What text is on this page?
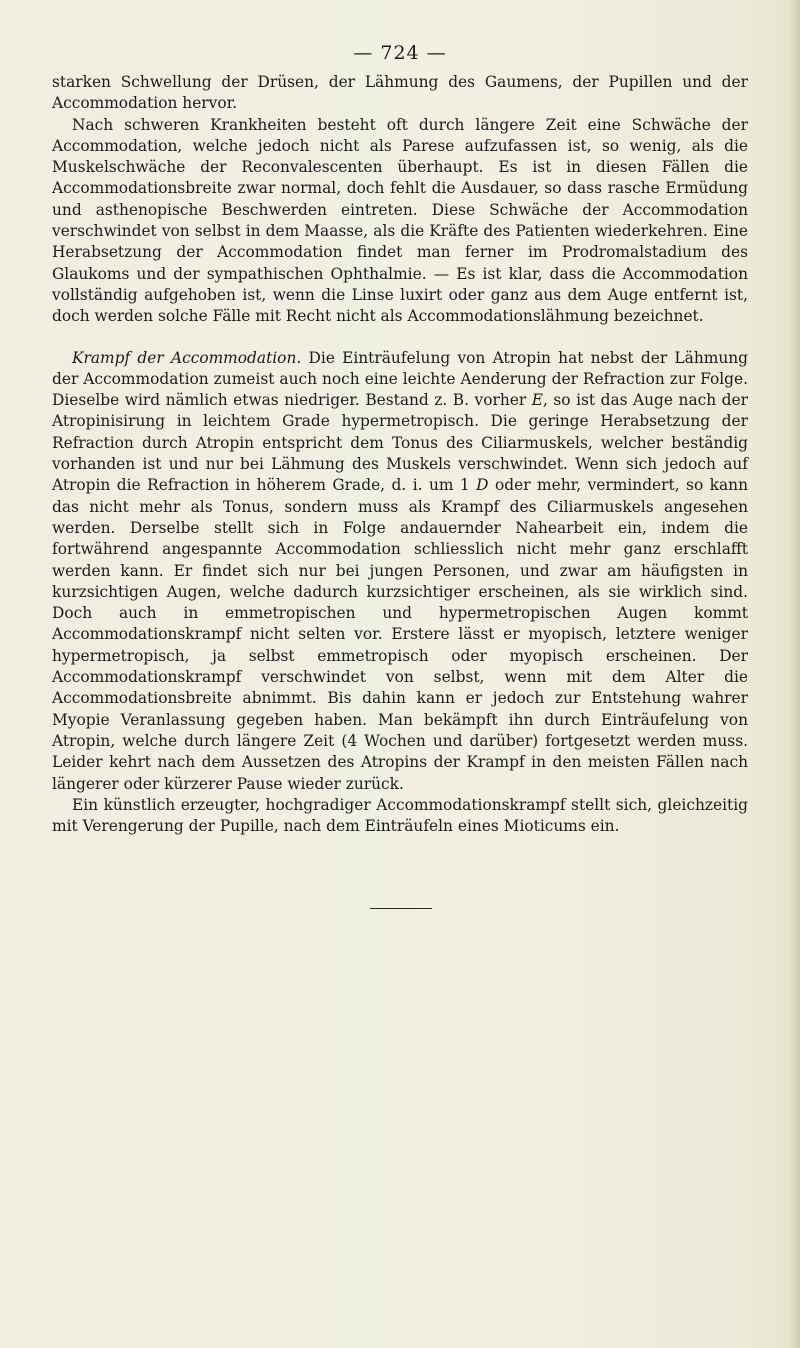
— 724 —

starken Schwellung der Drüsen, der Lähmung des Gaumens, der Pupillen und der Accommodation hervor.

Nach schweren Krankheiten besteht oft durch längere Zeit eine Schwäche der Accommodation, welche jedoch nicht als Parese aufzufassen ist, so wenig, als die Muskelschwäche der Reconvalescenten überhaupt. Es ist in diesen Fällen die Accommodationsbreite zwar normal, doch fehlt die Ausdauer, so dass rasche Ermüdung und asthenopische Beschwerden eintreten. Diese Schwäche der Accommodation verschwindet von selbst in dem Maasse, als die Kräfte des Patienten wiederkehren. Eine Herabsetzung der Accommodation findet man ferner im Prodromalstadium des Glaukoms und der sympathischen Ophthalmie. — Es ist klar, dass die Accommodation vollständig aufgehoben ist, wenn die Linse luxirt oder ganz aus dem Auge entfernt ist, doch werden solche Fälle mit Recht nicht als Accommodationslähmung bezeichnet.

Krampf der Accommodation. Die Einträufelung von Atropin hat nebst der Lähmung der Accommodation zumeist auch noch eine leichte Aenderung der Refraction zur Folge. Dieselbe wird nämlich etwas niedriger. Bestand z. B. vorher E, so ist das Auge nach der Atropinisirung in leichtem Grade hypermetropisch. Die geringe Herabsetzung der Refraction durch Atropin entspricht dem Tonus des Ciliarmuskels, welcher beständig vorhanden ist und nur bei Lähmung des Muskels verschwindet. Wenn sich jedoch auf Atropin die Refraction in höherem Grade, d. i. um 1 D oder mehr, vermindert, so kann das nicht mehr als Tonus, sondern muss als Krampf des Ciliarmuskels angesehen werden. Derselbe stellt sich in Folge andauernder Nahearbeit ein, indem die fortwährend angespannte Accommodation schliesslich nicht mehr ganz erschlafft werden kann. Er findet sich nur bei jungen Personen, und zwar am häufigsten in kurzsichtigen Augen, welche dadurch kurzsichtiger erscheinen, als sie wirklich sind. Doch auch in emmetropischen und hypermetropischen Augen kommt Accommodationskrampf nicht selten vor. Erstere lässt er myopisch, letztere weniger hypermetropisch, ja selbst emmetropisch oder myopisch erscheinen. Der Accommodationskrampf verschwindet von selbst, wenn mit dem Alter die Accommodationsbreite abnimmt. Bis dahin kann er jedoch zur Entstehung wahrer Myopie Veranlassung gegeben haben. Man bekämpft ihn durch Einträufelung von Atropin, welche durch längere Zeit (4 Wochen und darüber) fortgesetzt werden muss. Leider kehrt nach dem Aussetzen des Atropins der Krampf in den meisten Fällen nach längerer oder kürzerer Pause wieder zurück.

Ein künstlich erzeugter, hochgradiger Accommodationskrampf stellt sich, gleichzeitig mit Verengerung der Pupille, nach dem Einträufeln eines Mioticums ein.
